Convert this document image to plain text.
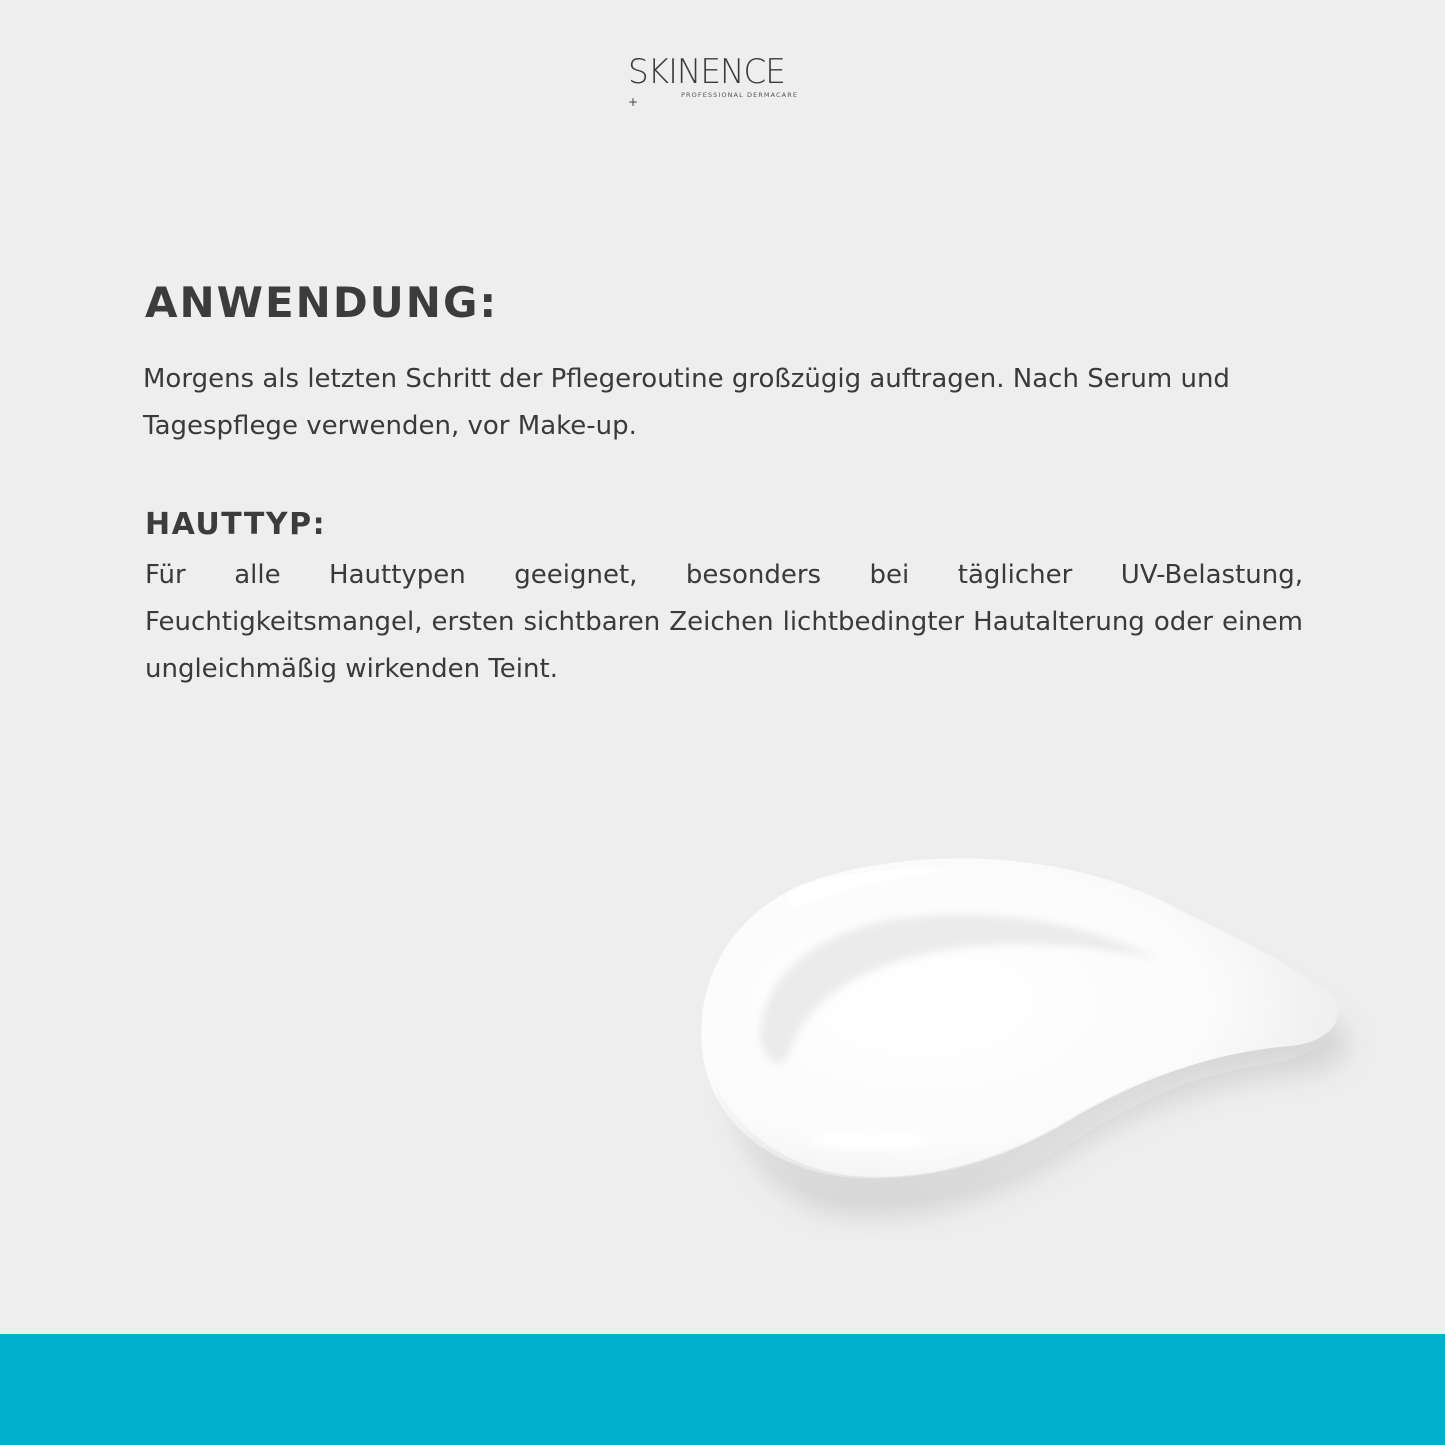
SKINENCE
PROFESSIONAL DERMACARE
+
ANWENDUNG:

Morgens als letzten Schritt der Pflegeroutine großzügig auftragen. Nach Serum und Tagespflege verwenden, vor Make-up.

HAUTTYP:

Für alle Hauttypen geeignet, besonders bei täglicher UV-Belastung, Feuchtigkeitsmangel, ersten sichtbaren Zeichen lichtbedingter Hautalterung oder einem ungleichmäßig wirkenden Teint.
